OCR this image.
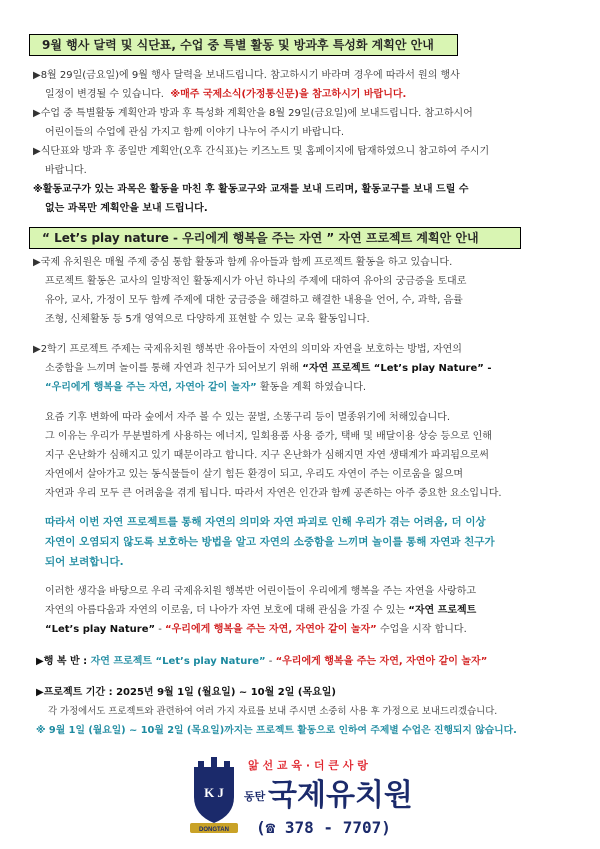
9월 행사 달력 및 식단표, 수업 중 특별 활동 및 방과후 특성화 계획안 안내
▶8월 29일(금요일)에 9월 행사 달력을 보내드립니다. 참고하시기 바라며 경우에 따라서 원의 행사
일정이 변경될 수 있습니다. ※매주 국제소식(가정통신문)을 참고하시기 바랍니다.
▶수업 중 특별활동 계획안과 방과 후 특성화 계획안을 8월 29일(금요일)에 보내드립니다. 참고하시어
어린이들의 수업에 관심 가지고 함께 이야기 나누어 주시기 바랍니다.
▶식단표와 방과 후 종일반 계획안(오후 간식표)는 키즈노트 및 홈페이지에 탑재하였으니 참고하여 주시기
바랍니다.
※활동교구가 있는 과목은 활동을 마친 후 활동교구와 교재를 보내 드리며, 활동교구를 보내 드릴 수
없는 과목만 계획안을 보내 드립니다.
“ Let’s play nature - 우리에게 행복을 주는 자연 ” 자연 프로젝트 계획안 안내
▶국제 유치원은 매월 주제 중심 통합 활동과 함께 유아들과 함께 프로젝트 활동을 하고 있습니다.
프로젝트 활동은 교사의 일방적인 활동제시가 아닌 하나의 주제에 대하여 유아의 궁금증을 토대로
유아, 교사, 가정이 모두 함께 주제에 대한 궁금증을 해결하고 해결한 내용을 언어, 수, 과학, 음률
조형, 신체활동 등 5개 영역으로 다양하게 표현할 수 있는 교육 활동입니다.
▶2학기 프로젝트 주제는 국제유치원 행복반 유아들이 자연의 의미와 자연을 보호하는 방법, 자연의
소중함을 느끼며 놀이를 통해 자연과 친구가 되어보기 위해 “자연 프로젝트 “Let’s play Nature” -
“우리에게 행복을 주는 자연, 자연아 같이 놀자” 활동을 계획 하였습니다.
요즘 기후 변화에 따라 숲에서 자주 볼 수 있는 꿀벌, 소똥구리 등이 멸종위기에 처해있습니다.
그 이유는 우리가 무분별하게 사용하는 에너지, 일회용품 사용 증가, 택배 및 배달이용 상승 등으로 인해
지구 온난화가 심해지고 있기 때문이라고 합니다. 지구 온난화가 심해지면 자연 생태계가 파괴됨으로써
자연에서 살아가고 있는 동식물들이 살기 힘든 환경이 되고, 우리도 자연이 주는 이로움을 잃으며
자연과 우리 모두 큰 어려움을 겪게 됩니다. 따라서 자연은 인간과 함께 공존하는 아주 중요한 요소입니다.
따라서 이번 자연 프로젝트를 통해 자연의 의미와 자연 파괴로 인해 우리가 겪는 어려움, 더 이상
자연이 오염되지 않도록 보호하는 방법을 알고 자연의 소중함을 느끼며 놀이를 통해 자연과 친구가
되어 보려합니다.
이러한 생각을 바탕으로 우리 국제유치원 행복반 어린이들이 우리에게 행복을 주는 자연을 사랑하고
자연의 아름다움과 자연의 이로움, 더 나아가 자연 보호에 대해 관심을 가질 수 있는 “자연 프로젝트
“Let’s play Nature” - “우리에게 행복을 주는 자연, 자연아 같이 놀자” 수업을 시작 합니다.
▶행 복 반 : 자연 프로젝트 “Let’s play Nature” - “우리에게 행복을 주는 자연, 자연아 같이 놀자”
▶프로젝트 기간 : 2025년 9월 1일 (월요일) ~ 10월 2일 (목요일)
각 가정에서도 프로젝트와 관련하여 여러 가지 자료를 보내 주시면 소중히 사용 후 가정으로 보내드리겠습니다.
※ 9월 1일 (월요일) ~ 10월 2일 (목요일)까지는 프로젝트 활동으로 인하여 주제별 수업은 진행되지 않습니다.
K J
DONGTAN
앎 선 교 육 · 더 큰 사 랑
동탄 국제유치원
(☎ 378 - 7707)
